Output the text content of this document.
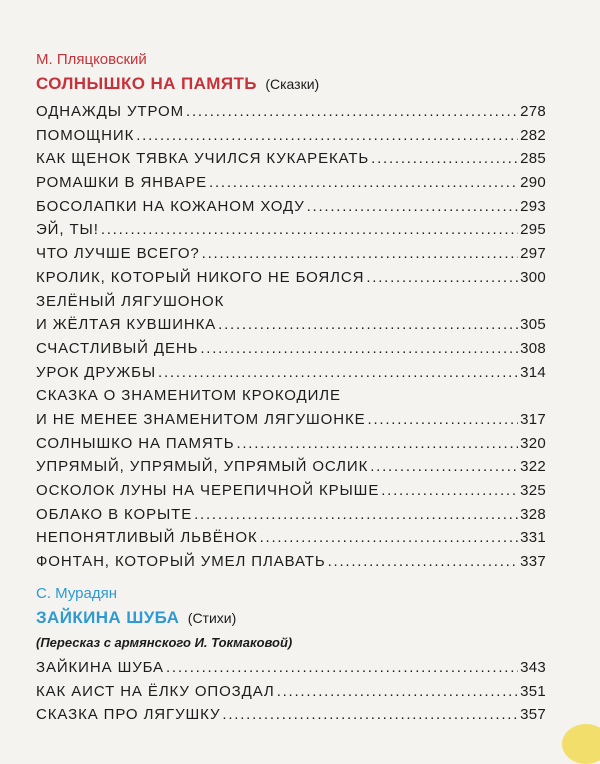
М. Пляцковский
СОЛНЫШКО НА ПАМЯТЬ (Сказки)
ОДНАЖДЫ УТРОМ . . .	278
ПОМОЩНИК . . .	282
КАК ЩЕНОК ТЯВКА УЧИЛСЯ КУКАРЕКАТЬ . . .	285
РОМАШКИ В ЯНВАРЕ . . .	290
БОСОЛАПКИ НА КОЖАНОМ ХОДУ . . .	293
ЭЙ, ТЫ! . . .	295
ЧТО ЛУЧШЕ ВСЕГО? . . .	297
КРОЛИК, КОТОРЫЙ НИКОГО НЕ БОЯЛСЯ . . .	300
ЗЕЛЁНЫЙ ЛЯГУШОНОК
И ЖЁЛТАЯ КУВШИНКА . . .	305
СЧАСТЛИВЫЙ ДЕНЬ . . .	308
УРОК ДРУЖБЫ . . .	314
СКАЗКА О ЗНАМЕНИТОМ КРОКОДИЛЕ
И НЕ МЕНЕЕ ЗНАМЕНИТОМ ЛЯГУШОНКЕ . . .	317
СОЛНЫШКО НА ПАМЯТЬ . . .	320
УПРЯМЫЙ, УПРЯМЫЙ, УПРЯМЫЙ ОСЛИК . . .	322
ОСКОЛОК ЛУНЫ НА ЧЕРЕПИЧНОЙ КРЫШЕ . . .	325
ОБЛАКО В КОРЫТЕ . . .	328
НЕПОНЯТЛИВЫЙ ЛЬВЁНОК . . .	331
ФОНТАН, КОТОРЫЙ УМЕЛ ПЛАВАТЬ . . .	337
С. Мурадян
ЗАЙКИНА ШУБА (Стихи)
(Пересказ с армянского И. Токмаковой)
ЗАЙКИНА ШУБА . . .	343
КАК АИСТ НА ЁЛКУ ОПОЗДАЛ . . .	351
СКАЗКА ПРО ЛЯГУШКУ . . .	357
